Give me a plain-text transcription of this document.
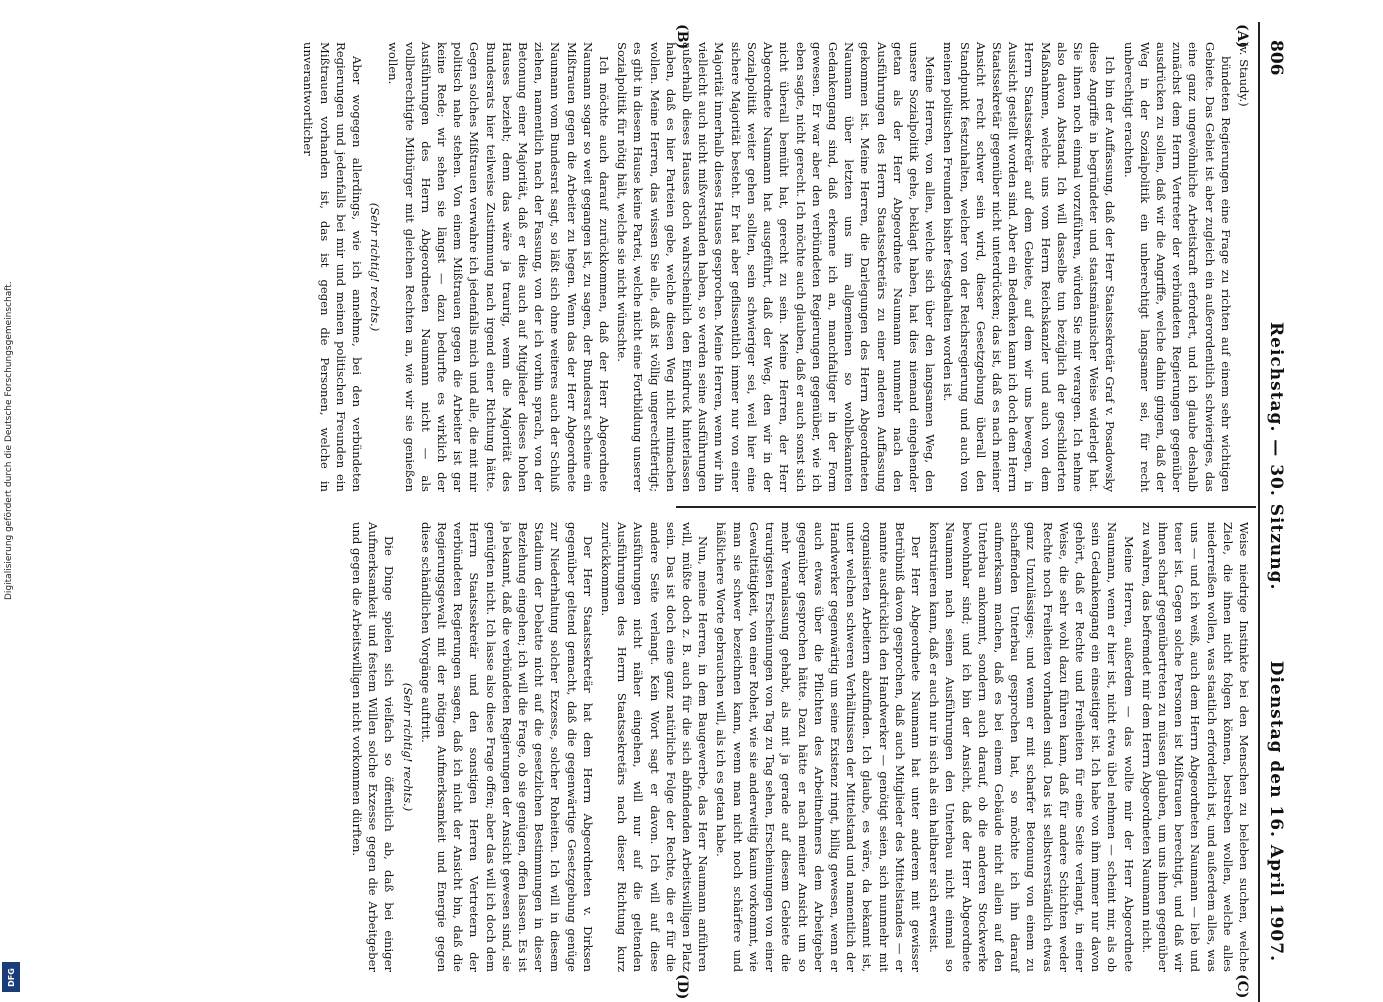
806
Reichstag. — 30. Sitzung.
Dienstag den 16. April 1907.
(A)
(B)
(C)
(D)

(v. Staudy.)

bündeten Regierungen eine Frage zu richten auf einem sehr wichtigen Gebiete. Das Gebiet ist aber zugleich ein außerordentlich schwieriges, das eine ganz ungewöhnliche Arbeitskraft erfordert, und ich glaube deshalb zunächst dem Herrn Vertreter der verbündeten Regierungen gegenüber ausdrücken zu sollen, daß wir die Angriffe, welche dahin gingen, daß der Weg in der Sozialpolitik ein unberechtigt langsamer sei, für recht unberechtigt erachten.

Ich bin der Auffassung, daß der Herr Staatssekretär Graf v. Posadowsky diese Angriffe in begründeter und staatsmännischer Weise widerlegt hat. Sie ihnen noch einmal vorzuführen, würden Sie mir verargen. Ich nehme also davon Abstand. Ich will dasselbe tun bezüglich der geschilderten Maßnahmen, welche uns vom Herrn Reichskanzler und auch von dem Herrn Staatssekretär auf dem Gebiete, auf dem wir uns bewegen, in Aussicht gestellt worden sind. Aber ein Bedenken kann ich doch dem Herrn Staatssekretär gegenüber nicht unterdrücken; das ist, daß es nach meiner Ansicht recht schwer sein wird, dieser Gesetzgebung überall den Standpunkt festzuhalten, welcher von der Reichsregierung und auch von meinen politischen Freunden bisher festgehalten worden ist.

Meine Herren, von allen, welche sich über den langsamen Weg, den unsere Sozialpolitik gehe, beklagt haben, hat dies niemand eingehender getan als der Herr Abgeordnete Naumann nunmehr nach den Ausführungen des Herrn Staatssekretärs zu einer anderen Auffassung gekommen ist. Meine Herren, die Darlegungen des Herrn Abgeordneten Naumann über letzten uns im allgemeinen so wohlbekannten Gedankengang sind, daß erkenne ich an, manchfaltiger in der Form gewesen. Er war aber den verbündeten Regierungen gegenüber, wie ich eben sagte, nicht gerecht. Ich möchte auch glauben, daß er auch sonst sich nicht überall bemüht hat, gerecht zu sein. Meine Herren, der Herr Abgeordnete Naumann hat ausgeführt, daß der Weg, den wir in der Sozialpolitik weiter gehen sollten, sein schwieriger sei, weil hier eine sichere Majorität besteht. Er hat aber geflissentlich immer nur von einer Majorität innerhalb dieses Hauses gesprochen. Meine Herren, wenn wir ihn vielleicht auch nicht mißverstanden haben, so werden seine Ausführungen außerhalb dieses Hauses doch wahrscheinlich den Eindruck hinterlassen haben, daß es hier Parteien gebe, welche diesen Weg nicht mitmachen wollen. Meine Herren, das wissen Sie alle, daß ist völlig ungerechtfertigt; es gibt in diesem Hause keine Partei, welche nicht eine Fortbildung unserer Sozialpolitik für nötig hält, welche sie nicht wünschte.

Ich möchte auch darauf zurückkommen, daß der Herr Abgeordnete Naumann sogar so weit gegangen ist, zu sagen, der Bundesrat scheine ein Mißtrauen gegen die Arbeiter zu hegen. Wenn das der Herr Abgeordnete Naumann vom Bundesrat sagt, so läßt sich ohne weiteres auch der Schluß ziehen, namentlich nach der Fassung, von der ich vorhin sprach, von der Betonung einer Majorität, daß er dies auch auf Mitglieder dieses hohen Hauses bezieht; denn das wäre ja traurig, wenn die Majorität des Bundesrats hier teilweise Zustimmung nach irgend einer Richtung hätte. Gegen solches Mißtrauen verwahre ich jedenfalls mich und alle, die mit mir politisch nahe stehen. Von einem Mißtrauen gegen die Arbeiter ist gar keine Rede; wir sehen sie längst — dazu bedurfte es wirklich der Ausführungen des Herrn Abgeordneten Naumann nicht — als vollberechtigte Mitbürger mit gleichen Rechten an, wie wir sie genießen wollen.

(Sehr richtig! rechts.)

Aber wogegen allerdings, wie ich annehme, bei den verbündeten Regierungen und jedenfalls bei mir und meinen politischen Freunden ein Mißtrauen vorhanden ist, das ist gegen die Personen, welche in unverantwortlicher

Weise niedrige Instinkte bei den Menschen zu beleben suchen, welche Ziele, die ihnen nicht folgen können, bestreben wollen, welche alles niederreißen wollen, was staatlich erforderlich ist, und außerdem alles, was uns — und ich weiß, auch dem Herrn Abgeordneten Naumann — lieb und teuer ist. Gegen solche Personen ist Mißtrauen berechtigt, und daß wir ihnen scharf gegenübertreten zu müssen glauben, um uns ihnen gegenüber zu wahren, das befremdet mir dem Herrn Abgeordneten Naumann nicht.

Meine Herren, außerdem — das wollte mir der Herr Abgeordnete Naumann, wenn er hier ist, nicht etwa übel nehmen — scheint mir, als ob sein Gedankengang ein einseitiger ist. Ich habe von ihm immer nur davon gehört, daß er Rechte und Freiheiten für eine Seite verlangt, in einer Weise, die sehr wohl dazu führen kann, daß für andere Schichten weder Rechte noch Freiheiten vorhanden sind. Das ist selbstverständlich etwas ganz Unzulässiges; und wenn er mit scharfer Betonung von einem zu schaffenden Unterbau gesprochen hat, so möchte ich ihn darauf aufmerksam machen, daß es bei einem Gebäude nicht allein auf den Unterbau ankommt, sondern auch darauf, ob die anderen Stockwerke bewohnbar sind; und ich bin der Ansicht, daß der Herr Abgeordnete Naumann nach seinen Ausführungen den Unterbau nicht einmal so konstruieren kann, daß er auch nur in sich als ein haltbarer sich erweist.

Der Herr Abgeordnete Naumann hat unter anderem mit gewisser Betrübniß davon gesprochen, daß auch Mitglieder des Mittelstandes — er nannte ausdrücklich den Handwerker — genötigt seien, sich nunmehr mit organisierten Arbeitern abzufinden. Ich glaube, es wäre, da bekannt ist, unter welchen schweren Verhältnissen der Mittelstand und namentlich der Handwerker gegenwärtig um seine Existenz ringt, billig gewesen, wenn er auch etwas über die Pflichten des Arbeitnehmers dem Arbeitgeber gegenüber gesprochen hätte. Dazu hätte er nach meiner Ansicht um so mehr Veranlassung gehabt, als mit ja gerade auf diesem Gebiete die traurigsten Erscheinungen von Tag zu Tag sehen, Erscheinungen von einer Gewalttätigkeit, von einer Roheit, wie sie anderweitig kaum vorkommt, wie man sie schwer bezeichnen kann, wenn man nicht noch schärfere und häßlichere Worte gebrauchen will, als ich es getan habe.

Nun, meine Herren, in dem Baugewerbe, das Herr Naumann anführen will, müßte doch z. B. auch für die sich abfindenden Arbeitswilligen Platz sein. Das ist doch eine ganz natürliche Folge der Rechte, die er für die andere Seite verlangt. Kein Wort sagt er davon. Ich will auf diese Ausführungen nicht näher eingehen, will nur auf die geltenden Ausführungen des Herrn Staatssekretärs nach dieser Richtung kurz zurückkommen.

Der Herr Staatssekretär hat dem Herrn Abgeordneten v. Dirksen gegenüber geltend gemacht, daß die gegenwärtige Gesetzgebung genüge zur Niederhaltung solcher Exzesse, solcher Roheiten. Ich will in diesem Stadium der Debatte nicht auf die gesetzlichen Bestimmungen in dieser Beziehung eingehen; ich will die Frage, ob sie genügen, offen lassen. Es ist ja bekannt, daß die verbündeten Regierungen der Ansicht gewesen sind, sie genügten nicht. Ich lasse also diese Frage offen; aber das will ich doch dem Herrn Staatssekretär und den sonstigen Herren Vertretern der verbündeten Regierungen sagen, daß ich nicht der Ansicht bin, daß die Regierungsgewalt mit der nötigen Aufmerksamkeit und Energie gegen diese schändlichen Vorgänge auftritt.

(Sehr richtig! rechts.)

Die Dinge spielen sich vielfach so öffentlich ab, daß bei einiger Aufmerksamkeit und festem Willen solche Exzesse gegen die Arbeitgeber und gegen die Arbeitswilligen nicht vorkommen dürften.

Digitalisierung gefördert durch die Deutsche Forschungsgemeinschaft.
DFG
